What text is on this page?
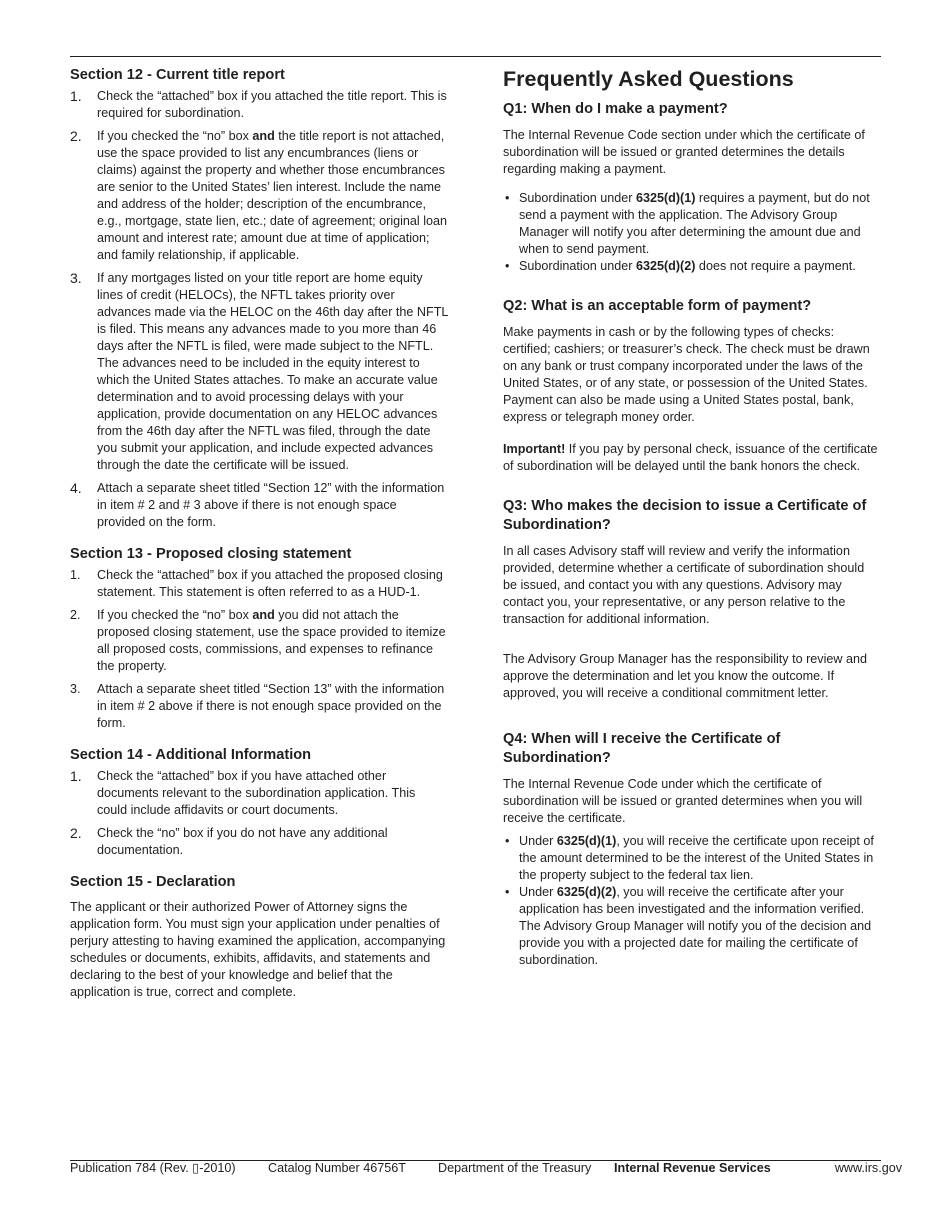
Section 12 - Current title report
1. Check the “attached” box if you attached the title report. This is required for subordination.
2. If you checked the “no” box and the title report is not attached, use the space provided to list any encumbrances (liens or claims) against the property and whether those encumbrances are senior to the United States’ lien interest. Include the name and address of the holder; description of the encumbrance, e.g., mortgage, state lien, etc.; date of agreement; original loan amount and interest rate; amount due at time of application; and family relationship, if applicable.
3. If any mortgages listed on your title report are home equity lines of credit (HELOCs), the NFTL takes priority over advances made via the HELOC on the 46th day after the NFTL is filed. This means any advances made to you more than 46 days after the NFTL is filed, were made subject to the NFTL. The advances need to be included in the equity interest to which the United States attaches. To make an accurate value determination and to avoid processing delays with your application, provide documentation on any HELOC advances from the 46th day after the NFTL was filed, through the date you submit your application, and include expected advances through the date the certificate will be issued.
4. Attach a separate sheet titled “Section 12” with the information in item # 2 and # 3 above if there is not enough space provided on the form.
Section 13 - Proposed closing statement
1. Check the “attached” box if you attached the proposed closing statement. This statement is often referred to as a HUD-1.
2. If you checked the “no” box and you did not attach the proposed closing statement, use the space provided to itemize all proposed costs, commissions, and expenses to refinance the property.
3. Attach a separate sheet titled “Section 13” with the information in item # 2 above if there is not enough space provided on the form.
Section 14 - Additional Information
1. Check the “attached” box if you have attached other documents relevant to the subordination application. This could include affidavits or court documents.
2. Check the “no” box if you do not have any additional documentation.
Section 15 - Declaration

The applicant or their authorized Power of Attorney signs the application form. You must sign your application under penalties of perjury attesting to having examined the application, accompanying schedules or documents, exhibits, affidavits, and statements and declaring to the best of your knowledge and belief that the application is true, correct and complete.

Frequently Asked Questions
Q1: When do I make a payment?

The Internal Revenue Code section under which the certificate of subordination will be issued or granted determines the details regarding making a payment.

• Subordination under 6325(d)(1) requires a payment, but do not send a payment with the application. The Advisory Group Manager will notify you after determining the amount due and when to send payment.
• Subordination under 6325(d)(2) does not require a payment.
Q2: What is an acceptable form of payment?

Make payments in cash or by the following types of checks: certified; cashiers; or treasurer’s check. The check must be drawn on any bank or trust company incorporated under the laws of the United States, or of any state, or possession of the United States. Payment can also be made using a United States postal, bank, express or telegraph money order.

Important! If you pay by personal check, issuance of the certificate of subordination will be delayed until the bank honors the check.

Q3: Who makes the decision to issue a Certificate of Subordination?

In all cases Advisory staff will review and verify the information provided, determine whether a certificate of subordination should be issued, and contact you with any questions. Advisory may contact you, your representative, or any person relative to the transaction for additional information.

The Advisory Group Manager has the responsibility to review and approve the determination and let you know the outcome. If approved, you will receive a conditional commitment letter.

Q4: When will I receive the Certificate of Subordination?

The Internal Revenue Code under which the certificate of subordination will be issued or granted determines when you will receive the certificate.

• Under 6325(d)(1), you will receive the certificate upon receipt of the amount determined to be the interest of the United States in the property subject to the federal tax lien.
• Under 6325(d)(2), you will receive the certificate after your application has been investigated and the information verified. The Advisory Group Manager will notify you of the decision and provide you with a projected date for mailing the certificate of subordination.
Publication 784 (Rev. ▯-2010)	Catalog Number 46756T	Department of the Treasury Internal Revenue Services	www.irs.gov
